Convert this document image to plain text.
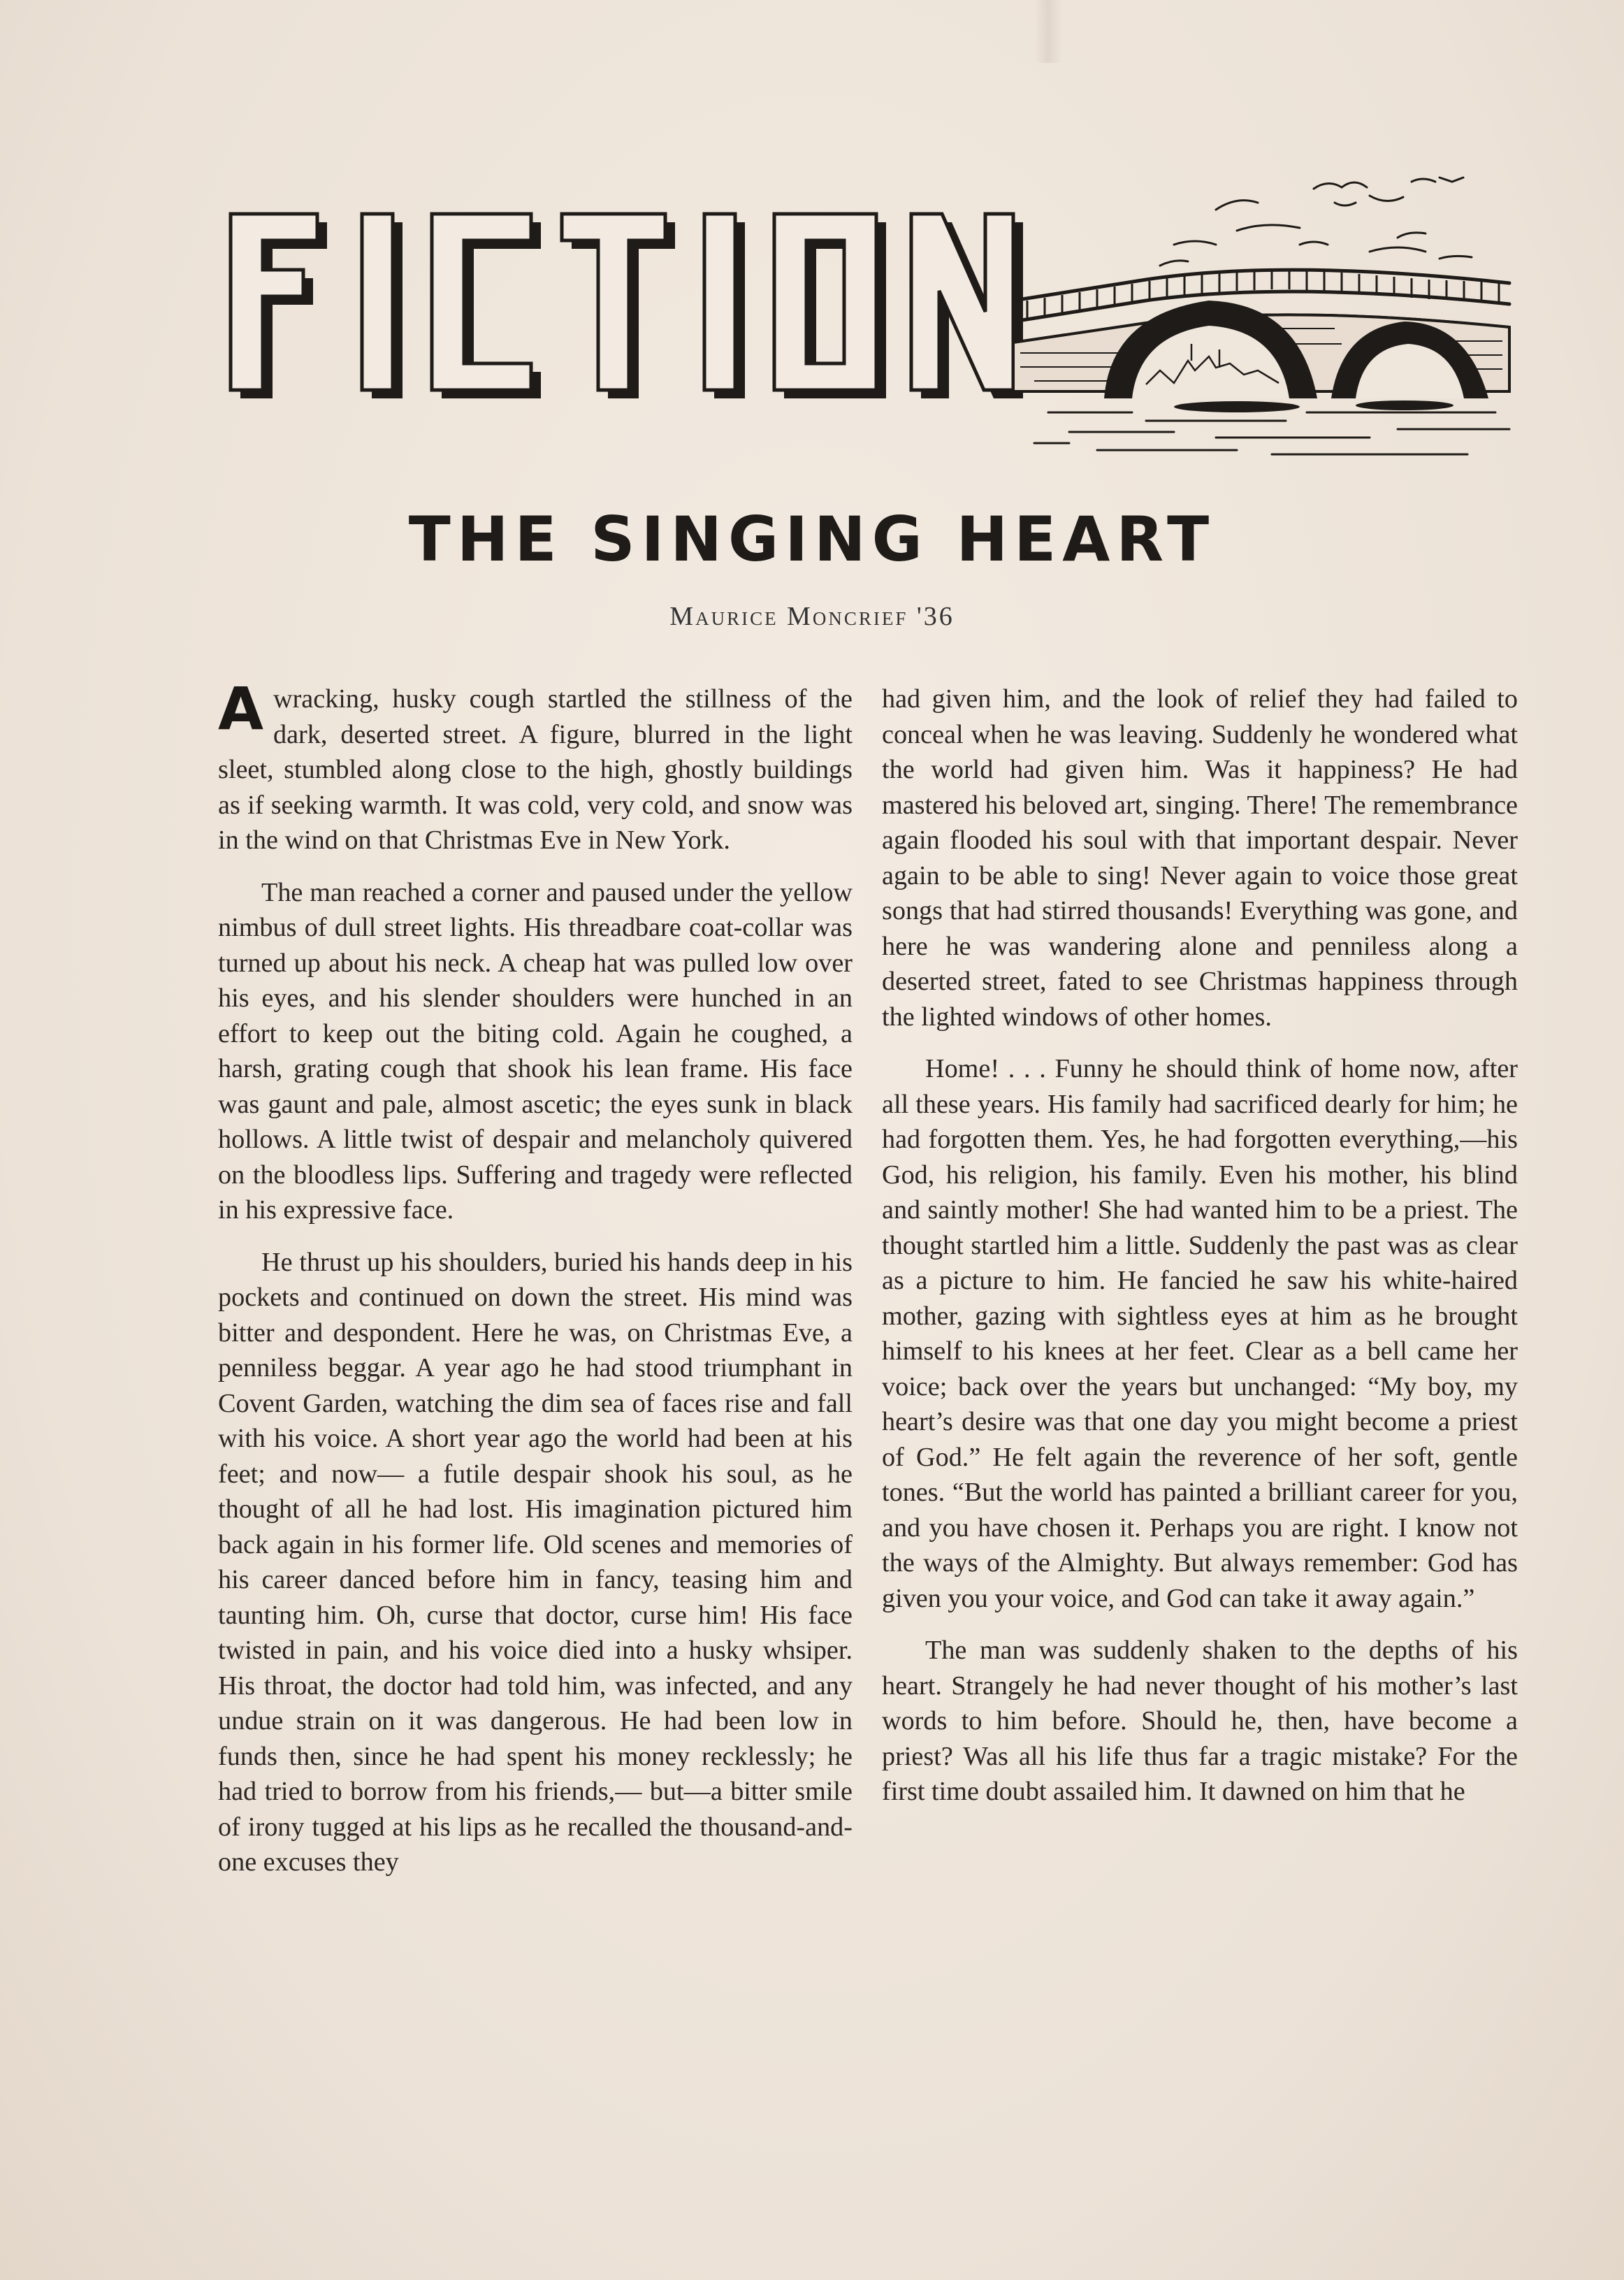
THE SINGING HEART
Maurice Moncrief '36

A wracking, husky cough startled the stillness of the dark, deserted street. A figure, blurred in the light sleet, stumbled along close to the high, ghostly buildings as if seeking warmth. It was cold, very cold, and snow was in the wind on that Christmas Eve in New York.

The man reached a corner and paused under the yellow nimbus of dull street lights. His threadbare coat-collar was turned up about his neck. A cheap hat was pulled low over his eyes, and his slender shoulders were hunched in an effort to keep out the biting cold. Again he coughed, a harsh, grating cough that shook his lean frame. His face was gaunt and pale, almost ascetic; the eyes sunk in black hollows. A little twist of despair and melancholy quivered on the bloodless lips. Suffering and tragedy were reflected in his expressive face.

He thrust up his shoulders, buried his hands deep in his pockets and continued on down the street. His mind was bitter and despondent. Here he was, on Christmas Eve, a penniless beggar. A year ago he had stood triumphant in Covent Garden, watching the dim sea of faces rise and fall with his voice. A short year ago the world had been at his feet; and now— a futile despair shook his soul, as he thought of all he had lost. His imagination pictured him back again in his former life. Old scenes and memories of his career danced before him in fancy, teasing him and taunting him. Oh, curse that doctor, curse him! His face twisted in pain, and his voice died into a husky whsiper. His throat, the doctor had told him, was infected, and any undue strain on it was dangerous. He had been low in funds then, since he had spent his money recklessly; he had tried to borrow from his friends,— but—a bitter smile of irony tugged at his lips as he recalled the thousand-and-one excuses they

had given him, and the look of relief they had failed to conceal when he was leaving. Suddenly he wondered what the world had given him. Was it happiness? He had mastered his beloved art, singing. There! The remembrance again flooded his soul with that important despair. Never again to be able to sing! Never again to voice those great songs that had stirred thousands! Everything was gone, and here he was wandering alone and penniless along a deserted street, fated to see Christmas happiness through the lighted windows of other homes.

Home! . . . Funny he should think of home now, after all these years. His family had sacrificed dearly for him; he had forgotten them. Yes, he had forgotten everything,—his God, his religion, his family. Even his mother, his blind and saintly mother! She had wanted him to be a priest. The thought startled him a little. Suddenly the past was as clear as a picture to him. He fancied he saw his white-haired mother, gazing with sightless eyes at him as he brought himself to his knees at her feet. Clear as a bell came her voice; back over the years but unchanged: “My boy, my heart’s desire was that one day you might become a priest of God.” He felt again the reverence of her soft, gentle tones. “But the world has painted a brilliant career for you, and you have chosen it. Perhaps you are right. I know not the ways of the Almighty. But always remember: God has given you your voice, and God can take it away again.”

The man was suddenly shaken to the depths of his heart. Strangely he had never thought of his mother’s last words to him before. Should he, then, have become a priest? Was all his life thus far a tragic mistake? For the first time doubt assailed him. It dawned on him that he
